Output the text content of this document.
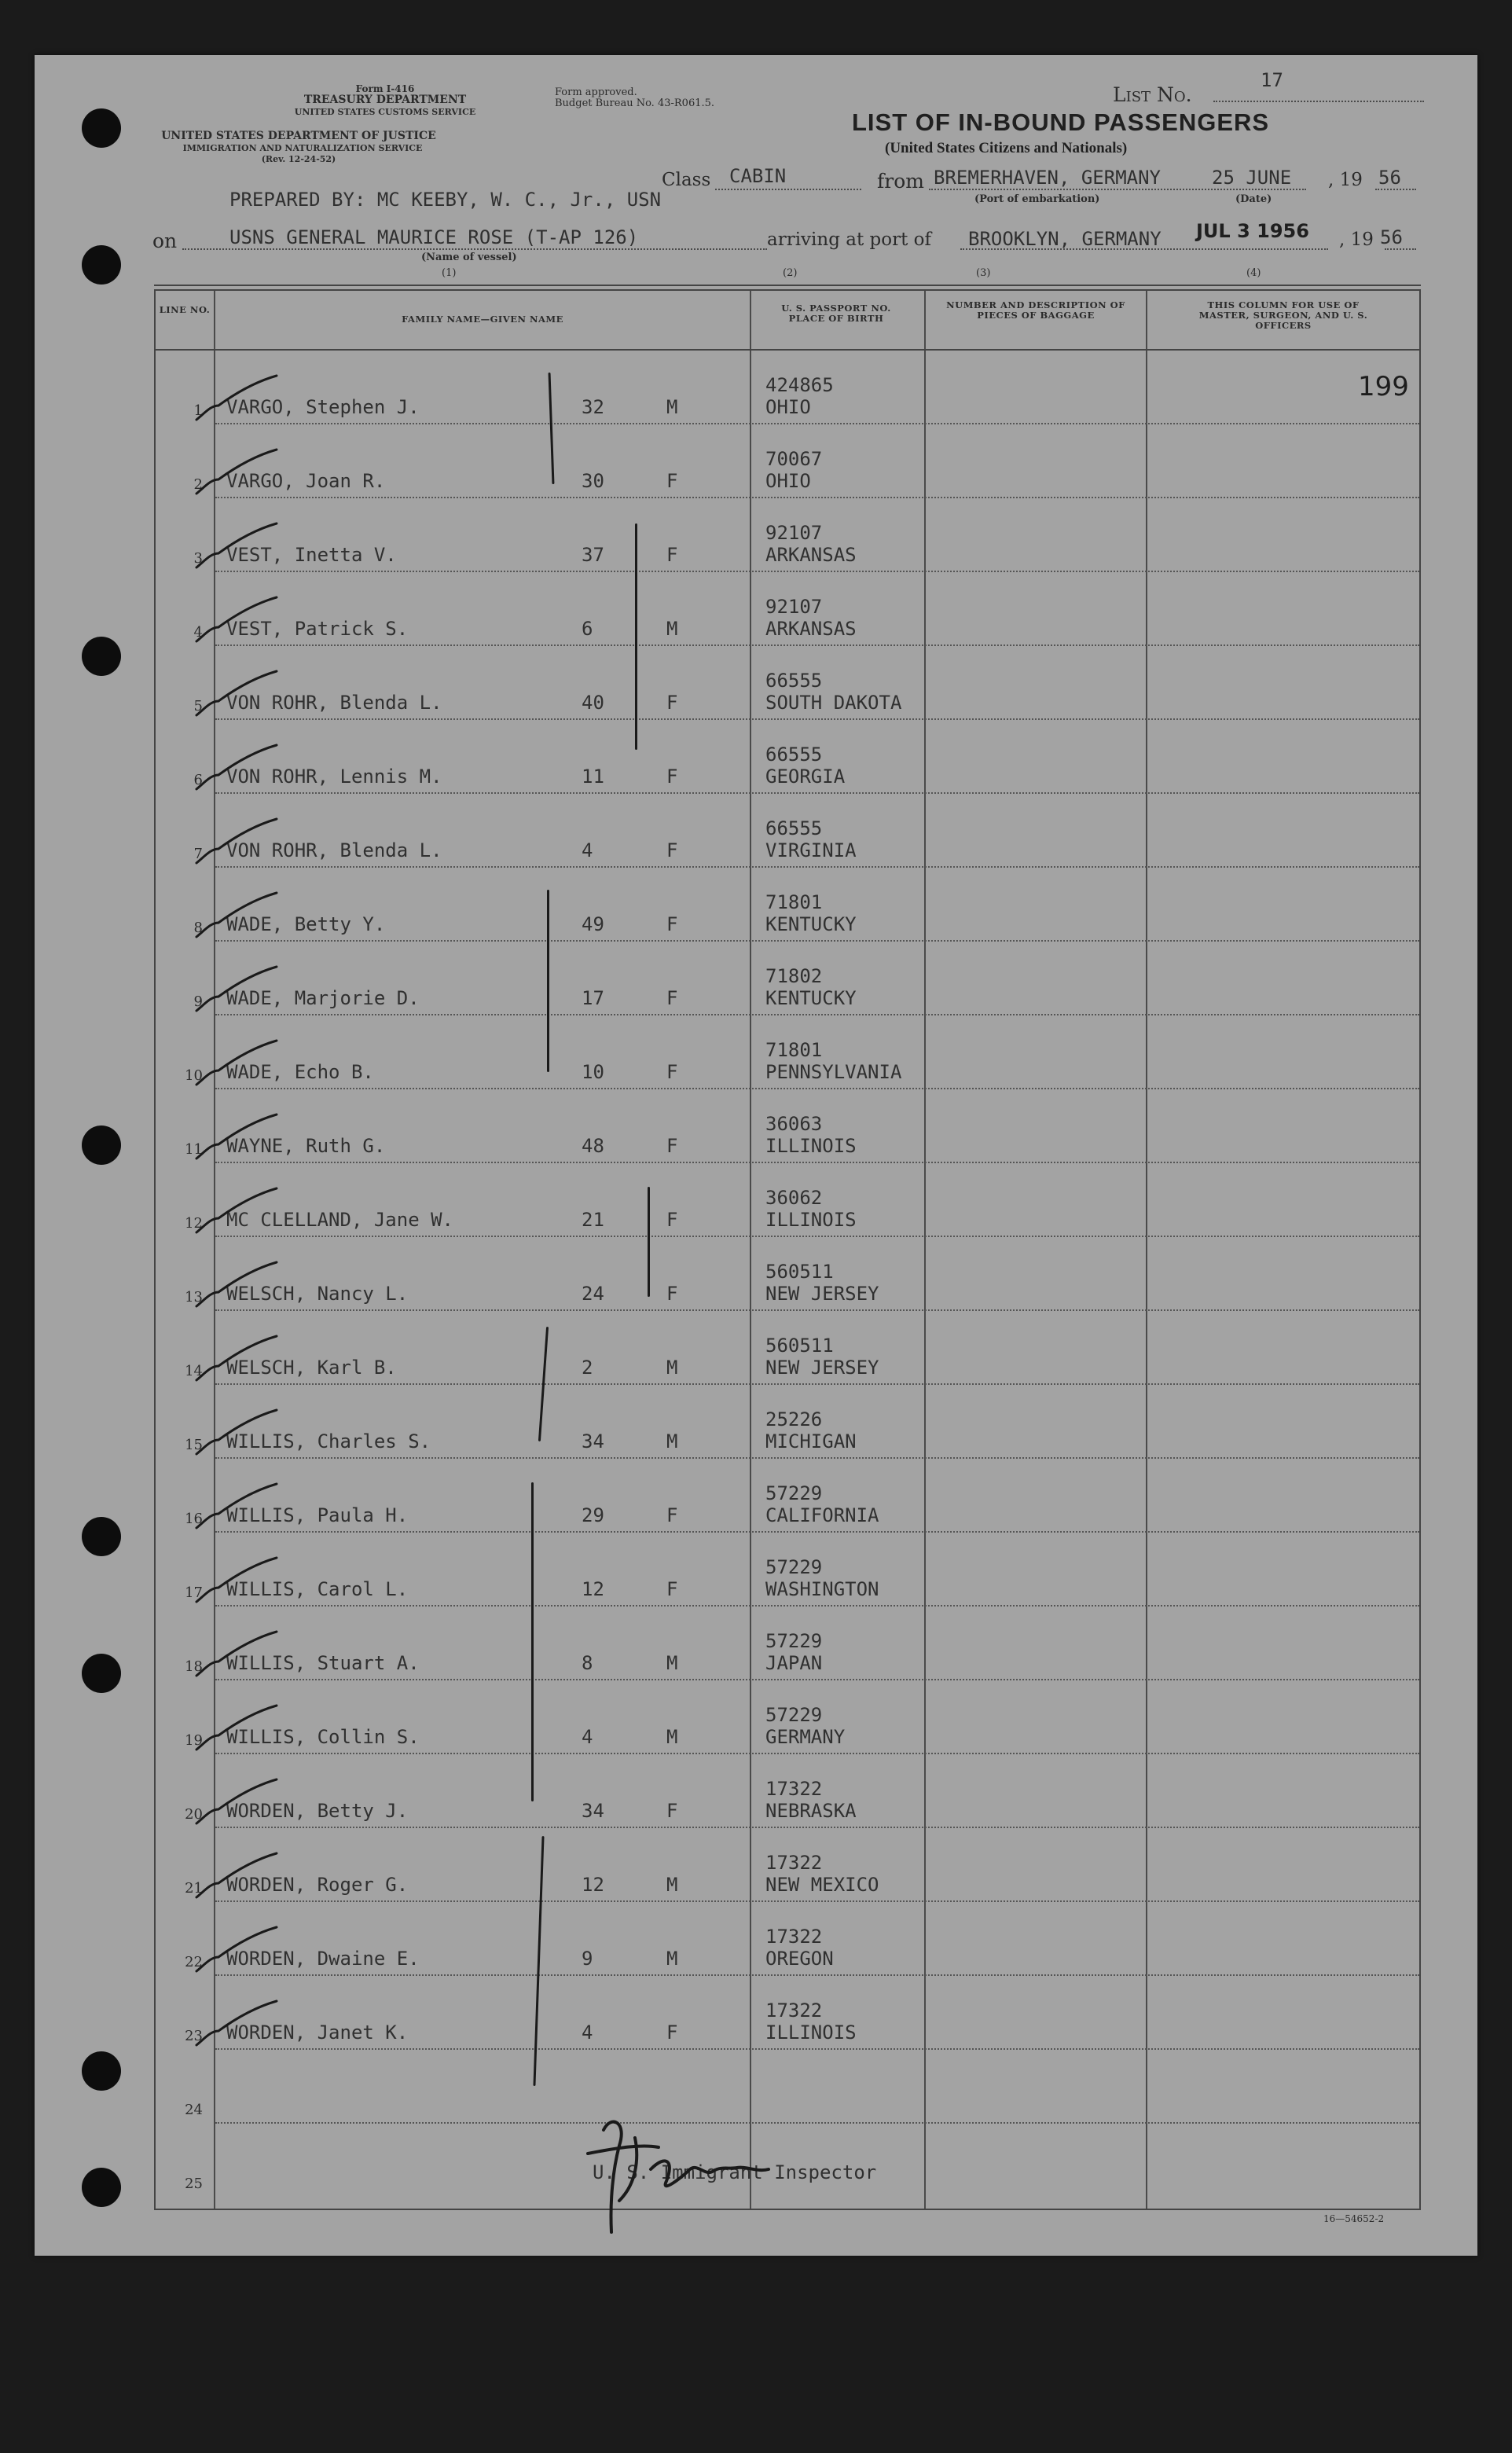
Form I-416
TREASURY DEPARTMENT
UNITED STATES CUSTOMS SERVICE
UNITED STATES DEPARTMENT OF JUSTICE
IMMIGRATION AND NATURALIZATION SERVICE
(Rev. 12-24-52)
Form approved.
Budget Bureau No. 43-R061.5.	List No.
17
LIST OF IN-BOUND PASSENGERS
(United States Citizens and Nationals)
Class CABIN	from BREMERHAVEN, GERMANY	25 JUNE , 19 56
(Port of embarkation)	(Date)
PREPARED BY: MC KEEBY, W. C., Jr., USN
on	USNS GENERAL MAURICE ROSE (T-AP 126)
(Name of vessel)
arriving at port of BROOKLYN, GERMANY JUL 3 1956 , 19 56
(1)	(2)	(3)	(4)
LINE NO.
FAMILY NAME—GIVEN NAME
U. S. PASSPORT NO. PLACE OF BIRTH
NUMBER AND DESCRIPTION OF PIECES OF BAGGAGE
THIS COLUMN FOR USE OF MASTER, SURGEON, AND U. S. OFFICERS
199
1 VARGO, Stephen J.	32	M
424865
OHIO
2 VARGO, Joan R.	30	F
70067
OHIO
3 VEST, Inetta V.	37	F
92107
ARKANSAS
4 VEST, Patrick S.	6	M
92107
ARKANSAS
5 VON ROHR, Blenda L.	40	F
66555
SOUTH DAKOTA
6 VON ROHR, Lennis M.	11	F
66555
GEORGIA
7 VON ROHR, Blenda L.	4	F
66555
VIRGINIA
8 WADE, Betty Y.	49	F
71801
KENTUCKY
9 WADE, Marjorie D.	17	F
71802
KENTUCKY
10 WADE, Echo B.	10	F
71801
PENNSYLVANIA
11 WAYNE, Ruth G.	48	F
36063
ILLINOIS
12 MC CLELLAND, Jane W.	21	F
36062
ILLINOIS
13 WELSCH, Nancy L.	24	F
560511
NEW JERSEY
14 WELSCH, Karl B.	2	M
560511
NEW JERSEY
15 WILLIS, Charles S.	34	M
25226
MICHIGAN
16 WILLIS, Paula H.	29	F
57229
CALIFORNIA
17 WILLIS, Carol L.	12	F
57229
WASHINGTON
18 WILLIS, Stuart A.	8	M
57229
JAPAN
19 WILLIS, Collin S.	4	M
57229
GERMANY
20 WORDEN, Betty J.	34	F
17322
NEBRASKA
21 WORDEN, Roger G.	12	M
17322
NEW MEXICO
22 WORDEN, Dwaine E.	9	M
17322
OREGON
23 WORDEN, Janet K.	4	F
17322
ILLINOIS
24
25
U. S. Immigrant Inspector
16—54652-2
